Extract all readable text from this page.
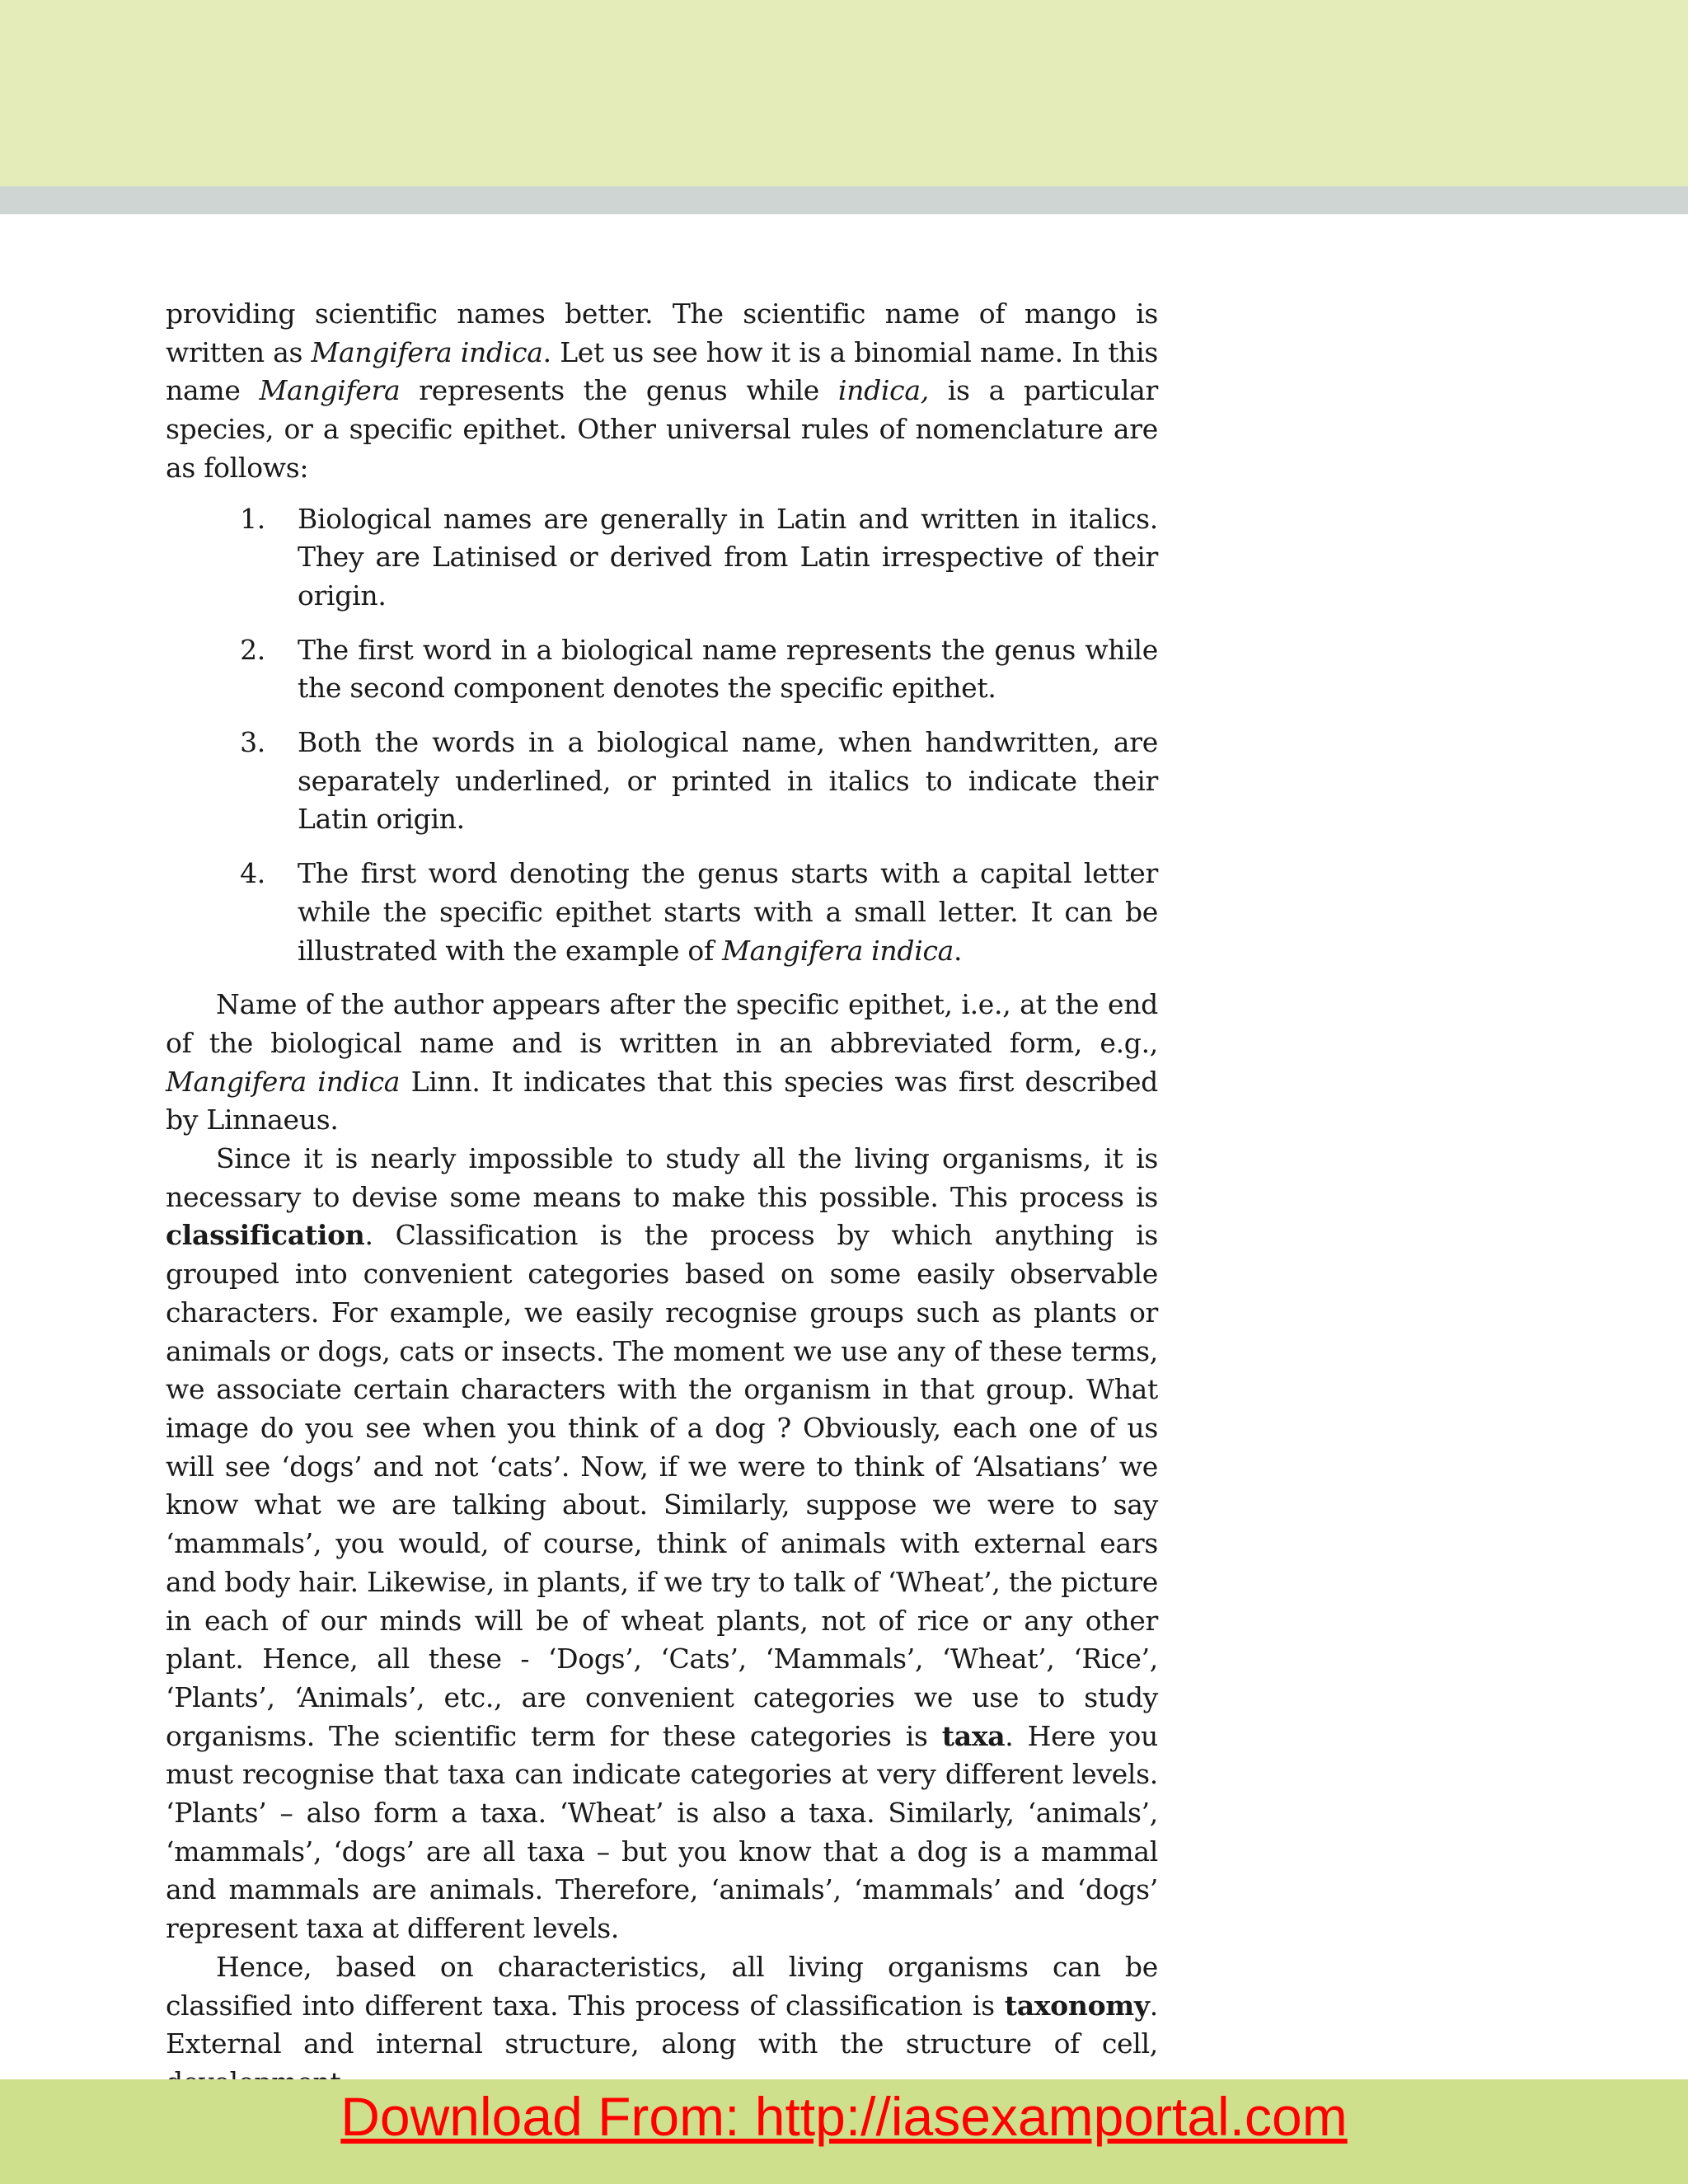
providing scientific names better. The scientific name of mango is written as Mangifera indica. Let us see how it is a binomial name. In this name Mangifera represents the genus while indica, is a particular species, or a specific epithet. Other universal rules of nomenclature are as follows:

1.	Biological names are generally in Latin and written in italics. They are Latinised or derived from Latin irrespective of their origin.
2.	The first word in a biological name represents the genus while the second component denotes the specific epithet.
3.	Both the words in a biological name, when handwritten, are separately underlined, or printed in italics to indicate their Latin origin.
4.	The first word denoting the genus starts with a capital letter while the specific epithet starts with a small letter. It can be illustrated with the example of Mangifera indica.

Name of the author appears after the specific epithet, i.e., at the end of the biological name and is written in an abbreviated form, e.g., Mangifera indica Linn. It indicates that this species was first described by Linnaeus.

Since it is nearly impossible to study all the living organisms, it is necessary to devise some means to make this possible. This process is classification. Classification is the process by which anything is grouped into convenient categories based on some easily observable characters. For example, we easily recognise groups such as plants or animals or dogs, cats or insects. The moment we use any of these terms, we associate certain characters with the organism in that group. What image do you see when you think of a dog ? Obviously, each one of us will see ‘dogs’ and not ‘cats’. Now, if we were to think of ‘Alsatians’ we know what we are talking about. Similarly, suppose we were to say ‘mammals’, you would, of course, think of animals with external ears and body hair. Likewise, in plants, if we try to talk of ‘Wheat’, the picture in each of our minds will be of wheat plants, not of rice or any other plant. Hence, all these - ‘Dogs’, ‘Cats’, ‘Mammals’, ‘Wheat’, ‘Rice’, ‘Plants’, ‘Animals’, etc., are convenient categories we use to study organisms. The scientific term for these categories is taxa. Here you must recognise that taxa can indicate categories at very different levels. ‘Plants’ – also form a taxa. ‘Wheat’ is also a taxa. Similarly, ‘animals’, ‘mammals’, ‘dogs’ are all taxa – but you know that a dog is a mammal and mammals are animals. Therefore, ‘animals’, ‘mammals’ and ‘dogs’ represent taxa at different levels.

Hence, based on characteristics, all living organisms can be classified into different taxa. This process of classification is taxonomy. External and internal structure, along with the structure of cell,

Download From: http://iasexamportal.com
